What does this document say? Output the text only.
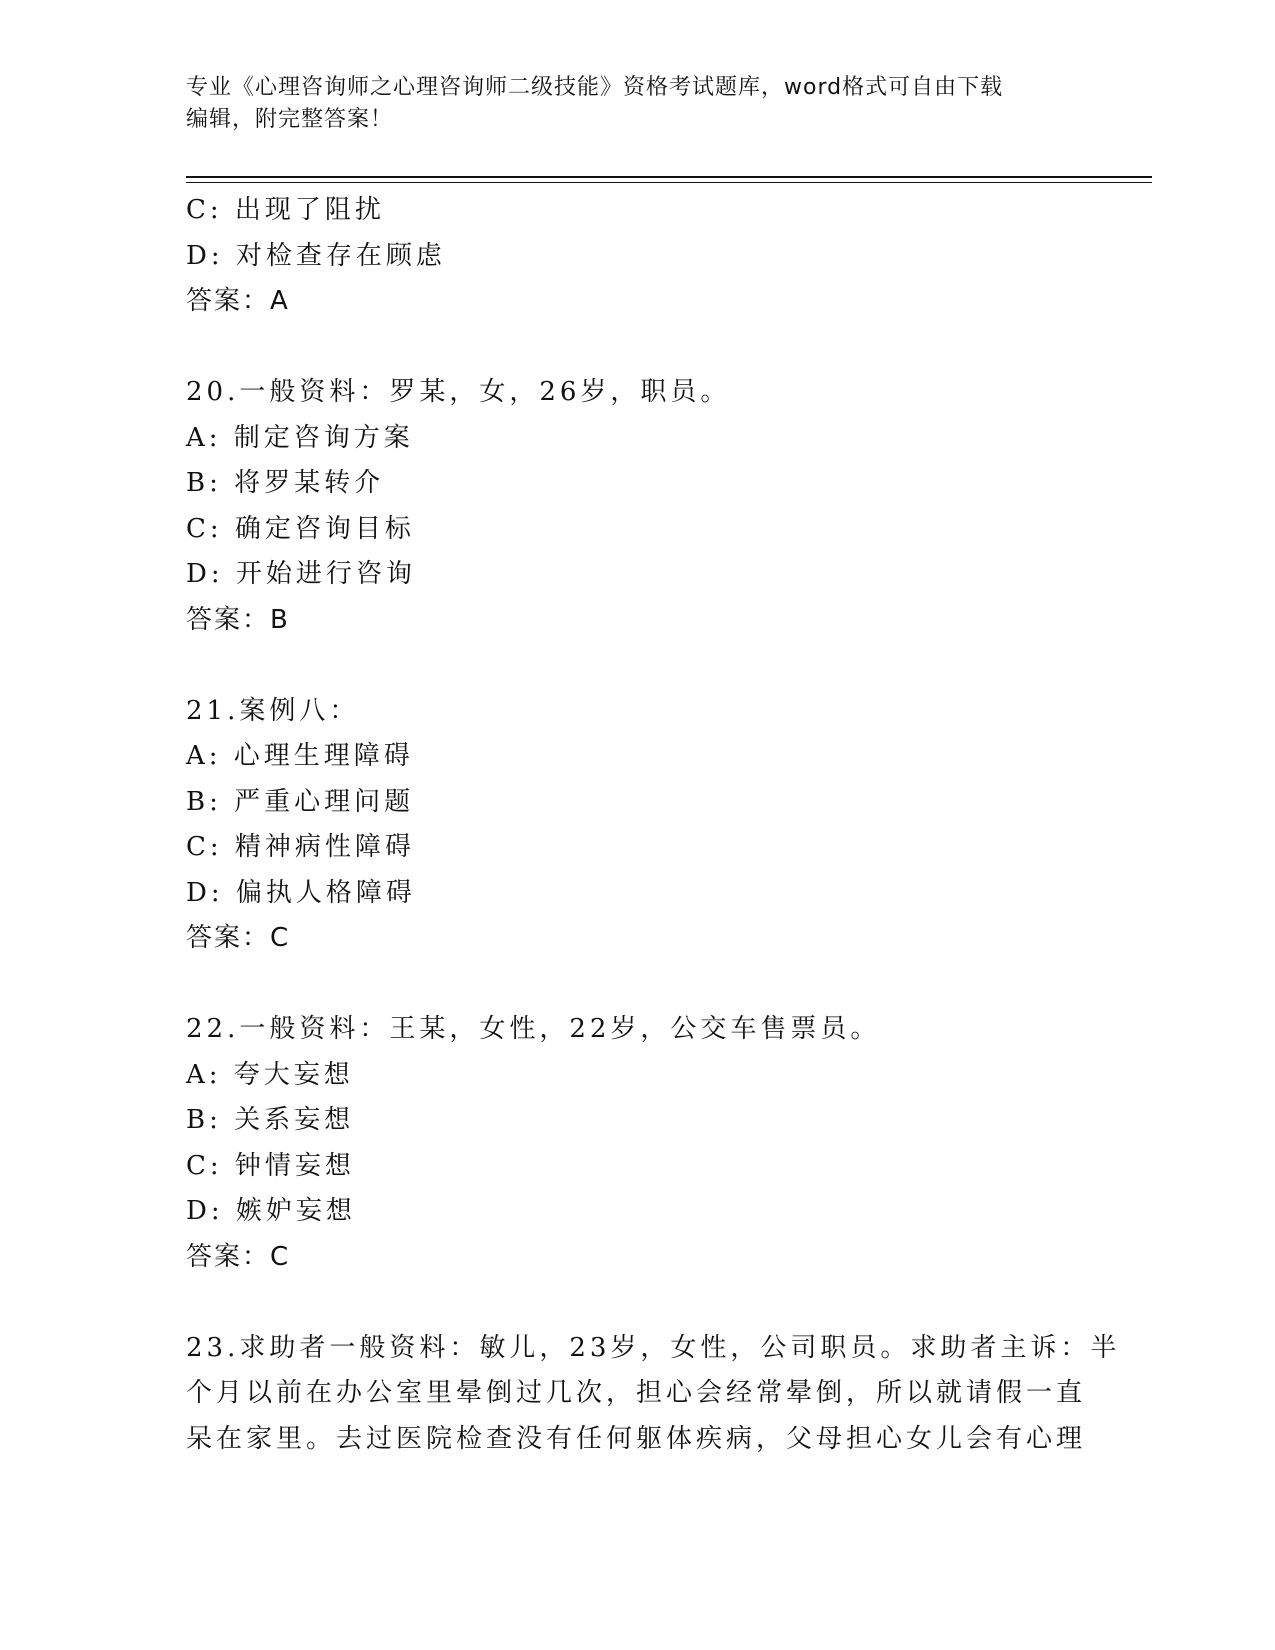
专业《心理咨询师之心理咨询师二级技能》资格考试题库，word格式可自由下载
编辑，附完整答案！
C: 出现了阻扰
D: 对检查存在顾虑
答案：A
20.一般资料：罗某，女，26岁，职员。
A: 制定咨询方案
B: 将罗某转介
C: 确定咨询目标
D: 开始进行咨询
答案：B
21.案例八：
A: 心理生理障碍
B: 严重心理问题
C: 精神病性障碍
D: 偏执人格障碍
答案：C
22.一般资料：王某，女性，22岁，公交车售票员。
A: 夸大妄想
B: 关系妄想
C: 钟情妄想
D: 嫉妒妄想
答案：C
23.求助者一般资料：敏儿，23岁，女性，公司职员。求助者主诉：半
个月以前在办公室里晕倒过几次，担心会经常晕倒，所以就请假一直
呆在家里。去过医院检查没有任何躯体疾病，父母担心女儿会有心理
